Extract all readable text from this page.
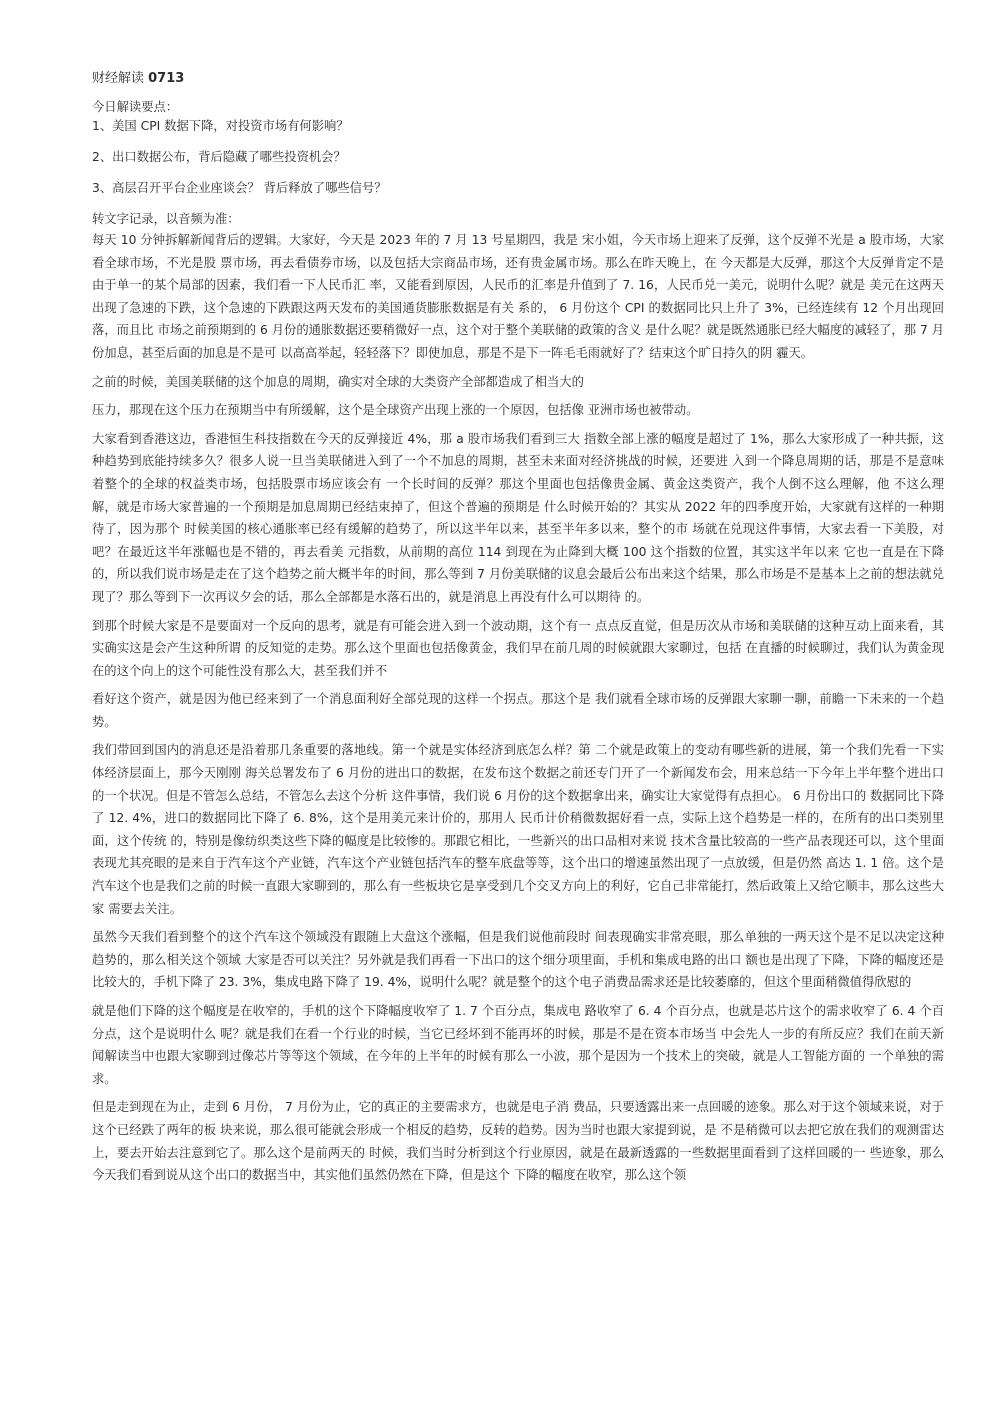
财经解读 0713

今日解读要点：

1、美国 CPI 数据下降，对投资市场有何影响？

2、出口数据公布，背后隐藏了哪些投资机会？

3、高层召开平台企业座谈会？ 背后释放了哪些信号？

转文字记录，以音频为准：

每天 10 分钟拆解新闻背后的逻辑。大家好，今天是 2023 年的 7 月 13 号星期四，我是 宋小姐，今天市场上迎来了反弹，这个反弹不光是 a 股市场，大家看全球市场，不光是股 票市场，再去看债券市场，以及包括大宗商品市场，还有贵金属市场。那么在昨天晚上，在 今天都是大反弹，那这个大反弹肯定不是由于单一的某个局部的因素，我们看一下人民币汇 率，又能看到原因，人民币的汇率是升值到了 7. 16，人民币兑一美元，说明什么呢？就是 美元在这两天出现了急速的下跌，这个急速的下跌跟这两天发布的美国通货膨胀数据是有关 系的， 6 月份这个 CPI 的数据同比只上升了 3%，已经连续有 12 个月出现回落，而且比 市场之前预期到的 6 月份的通胀数据还要稍微好一点，这个对于整个美联储的政策的含义 是什么呢？就是既然通胀已经大幅度的减轻了，那 7 月份加息，甚至后面的加息是不是可 以高高举起，轻轻落下？即使加息，那是不是下一阵毛毛雨就好了？结束这个旷日持久的阴 霾天。

之前的时候，美国美联储的这个加息的周期，确实对全球的大类资产全部都造成了相当大的

压力，那现在这个压力在预期当中有所缓解，这个是全球资产出现上涨的一个原因，包括像 亚洲市场也被带动。

大家看到香港这边，香港恒生科技指数在今天的反弹接近 4%，那 a 股市场我们看到三大 指数全部上涨的幅度是超过了 1%，那么大家形成了一种共振，这种趋势到底能持续多久？很多人说一旦当美联储进入到了一个不加息的周期，甚至未来面对经济挑战的时候，还要进 入到一个降息周期的话，那是不是意味着整个的全球的权益类市场，包括股票市场应该会有 一个长时间的反弹？那这个里面也包括像贵金属、黄金这类资产，我个人倒不这么理解，他 不这么理解，就是市场大家普遍的一个预期是加息周期已经结束掉了，但这个普遍的预期是 什么时候开始的？其实从 2022 年的四季度开始，大家就有这样的一种期待了，因为那个 时候美国的核心通胀率已经有缓解的趋势了，所以这半年以来，甚至半年多以来，整个的市 场就在兑现这件事情，大家去看一下美股，对吧？在最近这半年涨幅也是不错的，再去看美 元指数，从前期的高位 114 到现在为止降到大概 100 这个指数的位置，其实这半年以来 它也一直是在下降的，所以我们说市场是走在了这个趋势之前大概半年的时间，那么等到 7 月份美联储的议息会最后公布出来这个结果，那么市场是不是基本上之前的想法就兑现了？那么等到下一次再议夕会的话，那么全部都是水落石出的，就是消息上再没有什么可以期待 的。

到那个时候大家是不是要面对一个反向的思考，就是有可能会进入到一个波动期，这个有一 点点反直觉，但是历次从市场和美联储的这种互动上面来看，其实确实这是会产生这种所谓 的反知觉的走势。那么这个里面也包括像黄金，我们早在前几周的时候就跟大家聊过，包括 在直播的时候聊过，我们认为黄金现在的这个向上的这个可能性没有那么大，甚至我们并不

看好这个资产，就是因为他已经来到了一个消息面利好全部兑现的这样一个拐点。那这个是 我们就看全球市场的反弹跟大家聊一聊，前瞻一下未来的一个趋势。

我们带回到国内的消息还是沿着那几条重要的落地线。第一个就是实体经济到底怎么样？第 二个就是政策上的变动有哪些新的进展，第一个我们先看一下实体经济层面上，那今天刚刚 海关总署发布了 6 月份的进出口的数据，在发布这个数据之前还专门开了一个新闻发布会，用来总结一下今年上半年整个进出口的一个状况。但是不管怎么总结，不管怎么去这个分析 这件事情，我们说 6 月份的这个数据拿出来，确实让大家觉得有点担心。 6 月份出口的 数据同比下降了 12. 4%，进口的数据同比下降了 6. 8%，这个是用美元来计价的，那用人 民币计价稍微数据好看一点，实际上这个趋势是一样的，在所有的出口类别里面，这个传统 的，特别是像纺织类这些下降的幅度是比较惨的。那跟它相比，一些新兴的出口品相对来说 技术含量比较高的一些产品表现还可以，这个里面表现尤其亮眼的是来自于汽车这个产业链，汽车这个产业链包括汽车的整车底盘等等，这个出口的增速虽然出现了一点放缓，但是仍然 高达 1. 1 倍。这个是汽车这个也是我们之前的时候一直跟大家聊到的，那么有一些板块它是享受到几个交叉方向上的利好，它自己非常能打，然后政策上又给它顺丰，那么这些大家 需要去关注。

虽然今天我们看到整个的这个汽车这个领域没有跟随上大盘这个涨幅，但是我们说他前段时 间表现确实非常亮眼，那么单独的一两天这个是不足以决定这种趋势的，那么相关这个领域 大家是否可以关注？另外就是我们再看一下出口的这个细分项里面，手机和集成电路的出口 额也是出现了下降，下降的幅度还是比较大的，手机下降了 23. 3%，集成电路下降了 19. 4%，说明什么呢？就是整个的这个电子消费品需求还是比较萎靡的，但这个里面稍微值得欣慰的

就是他们下降的这个幅度是在收窄的，手机的这个下降幅度收窄了 1. 7 个百分点，集成电 路收窄了 6. 4 个百分点，也就是芯片这个的需求收窄了 6. 4 个百分点，这个是说明什么 呢？就是我们在看一个行业的时候，当它已经坏到不能再坏的时候，那是不是在资本市场当 中会先人一步的有所反应？我们在前天新闻解读当中也跟大家聊到过像芯片等等这个领域，在今年的上半年的时候有那么一小波，那个是因为一个技术上的突破，就是人工智能方面的 一个单独的需求。

但是走到现在为止，走到 6 月份， 7 月份为止，它的真正的主要需求方，也就是电子消 费品，只要透露出来一点回暖的迹象。那么对于这个领域来说，对于这个已经跌了两年的板 块来说，那么很可能就会形成一个相反的趋势，反转的趋势。因为当时也跟大家提到说，是 不是稍微可以去把它放在我们的观测雷达上，要去开始去注意到它了。那么这个是前两天的 时候，我们当时分析到这个行业原因，就是在最新透露的一些数据里面看到了这样回暖的一 些迹象，那么今天我们看到说从这个出口的数据当中，其实他们虽然仍然在下降，但是这个 下降的幅度在收窄，那么这个领
